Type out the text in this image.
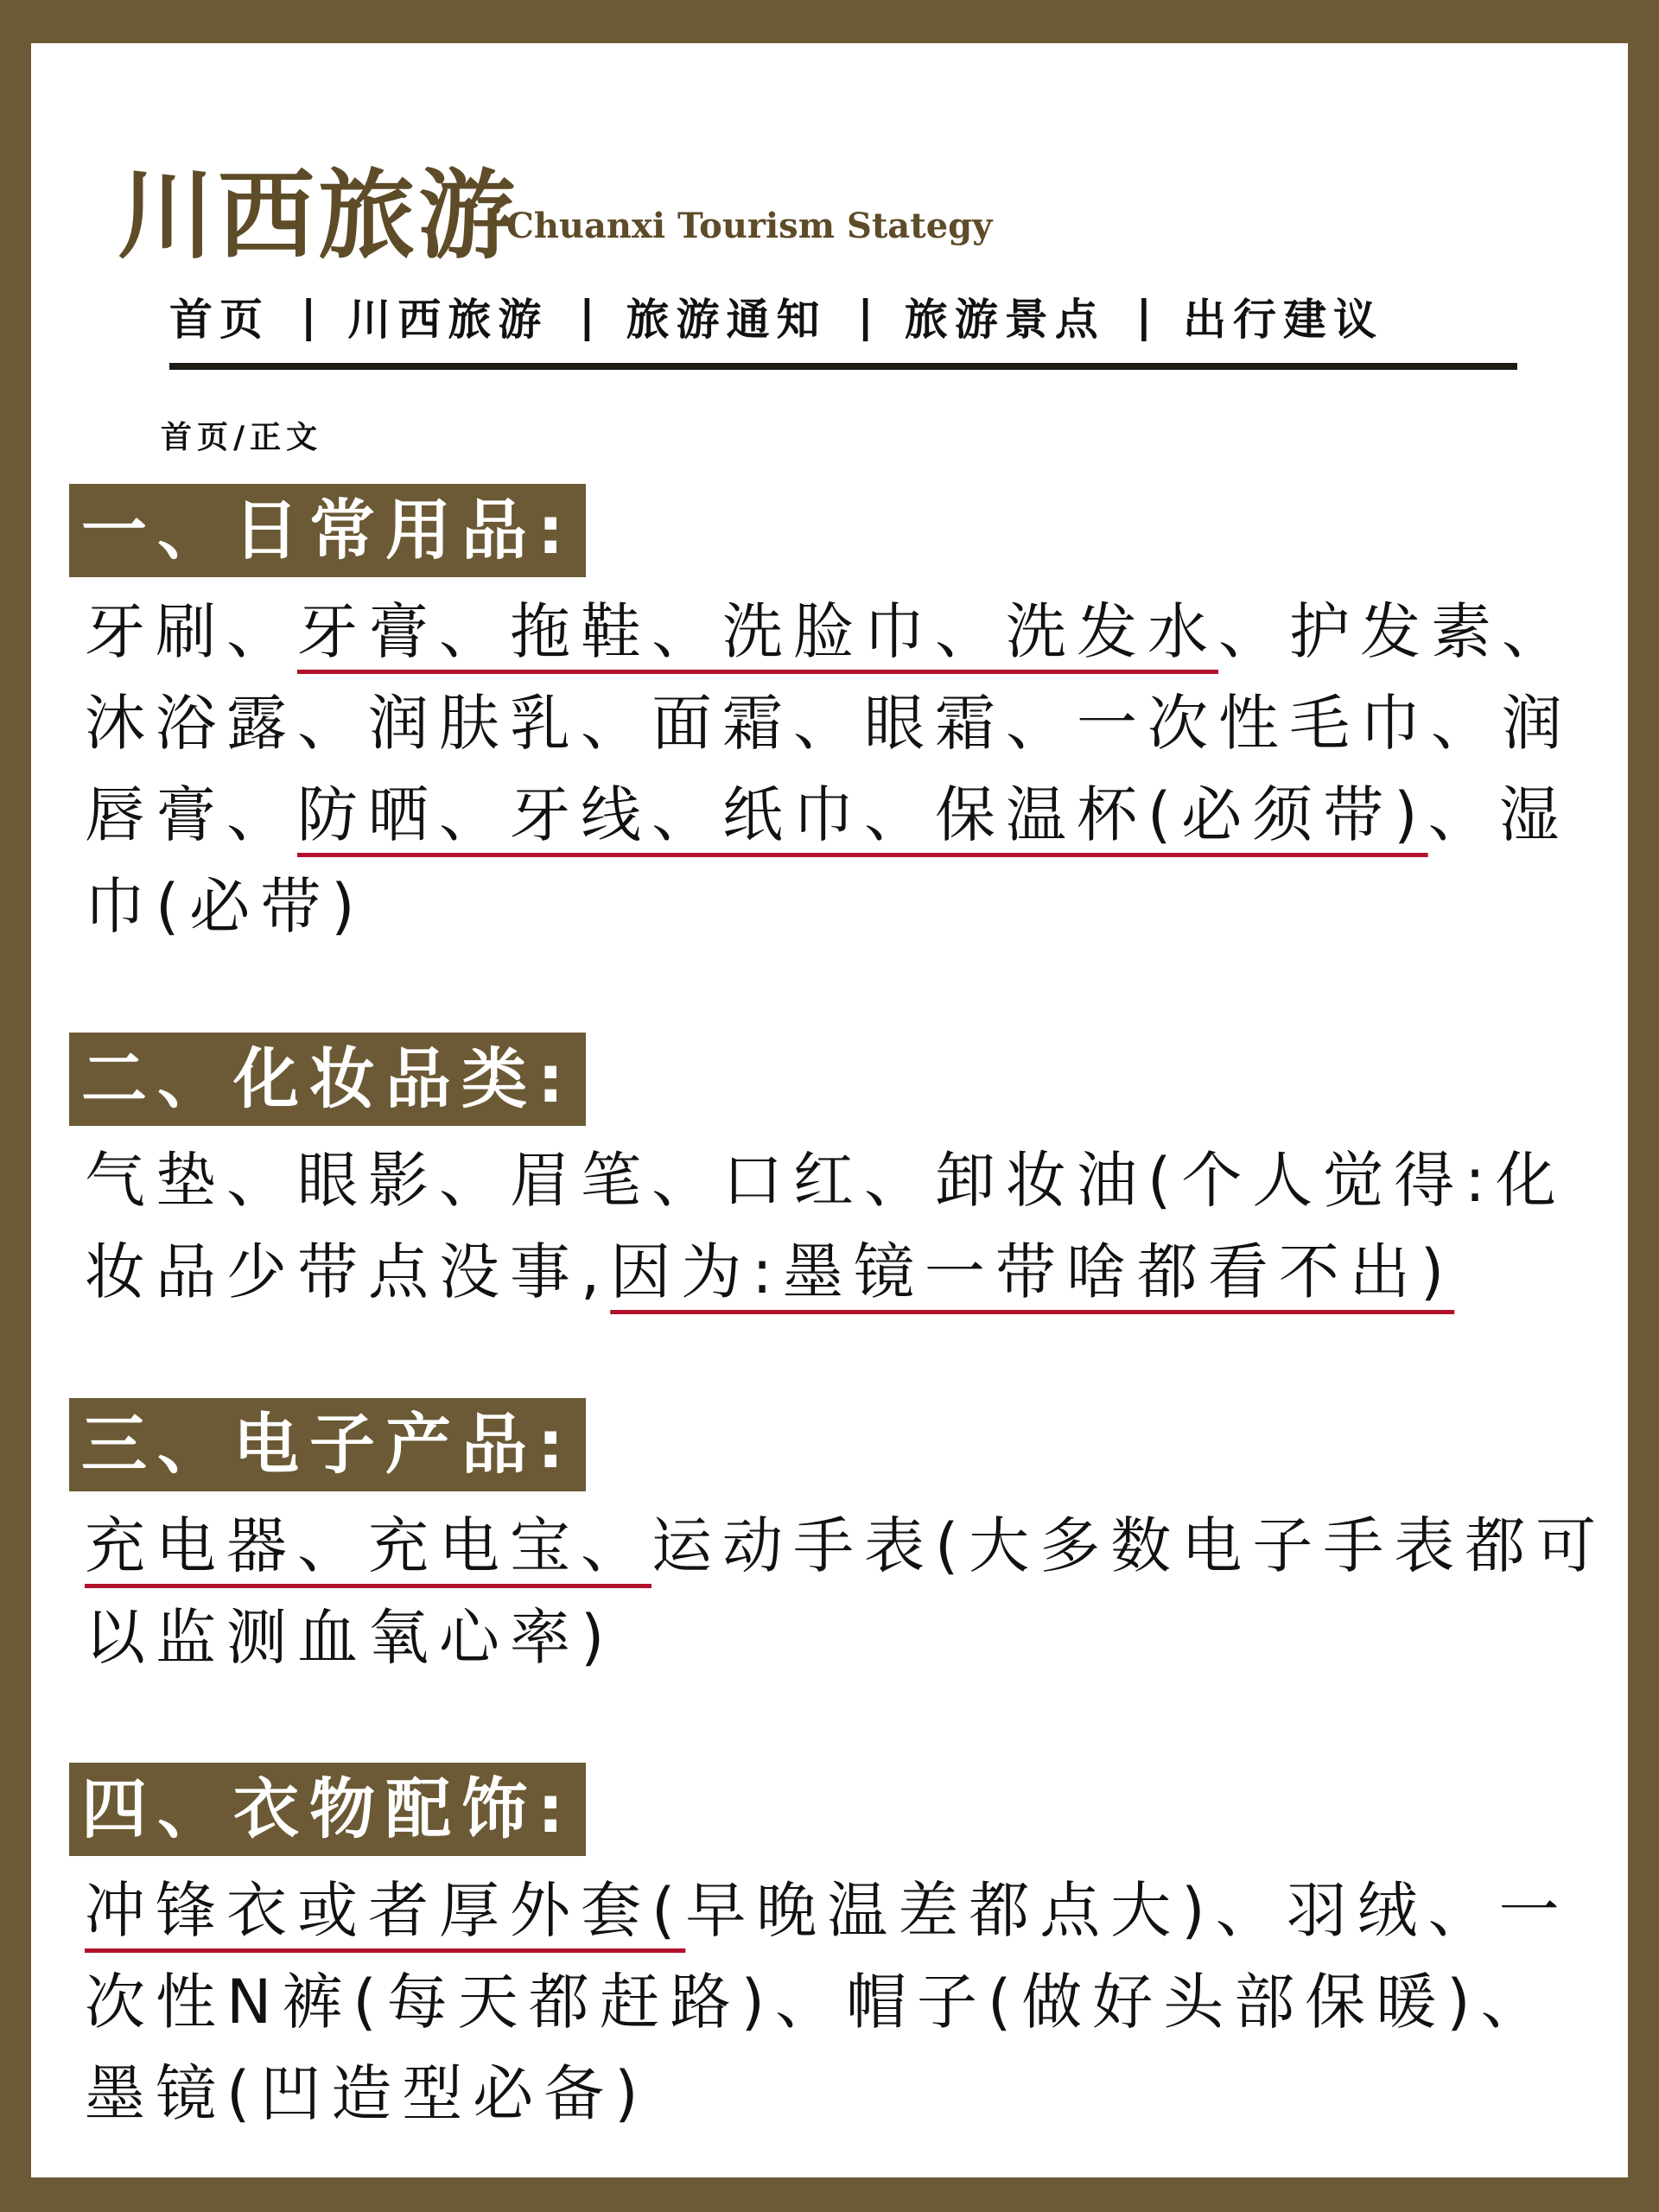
川西旅游
Chuanxi Tourism Stategy
首页 | 川西旅游 | 旅游通知 | 旅游景点 | 出行建议
首页/正文
一、日常用品:
牙刷、牙膏、拖鞋、洗脸巾、洗发水、护发素、沐浴露、润肤乳、面霜、眼霜、一次性毛巾、润唇膏、防晒、牙线、纸巾、保温杯(必须带)、湿巾(必带)
二、化妆品类:
气垫、眼影、眉笔、口红、卸妆油(个人觉得:化妆品少带点没事,因为:墨镜一带啥都看不出)
三、电子产品:
充电器、充电宝、运动手表(大多数电子手表都可以监测血氧心率)
四、衣物配饰:
冲锋衣或者厚外套(早晚温差都点大)、羽绒、一次性N裤(每天都赶路)、帽子(做好头部保暖)、墨镜(凹造型必备)
